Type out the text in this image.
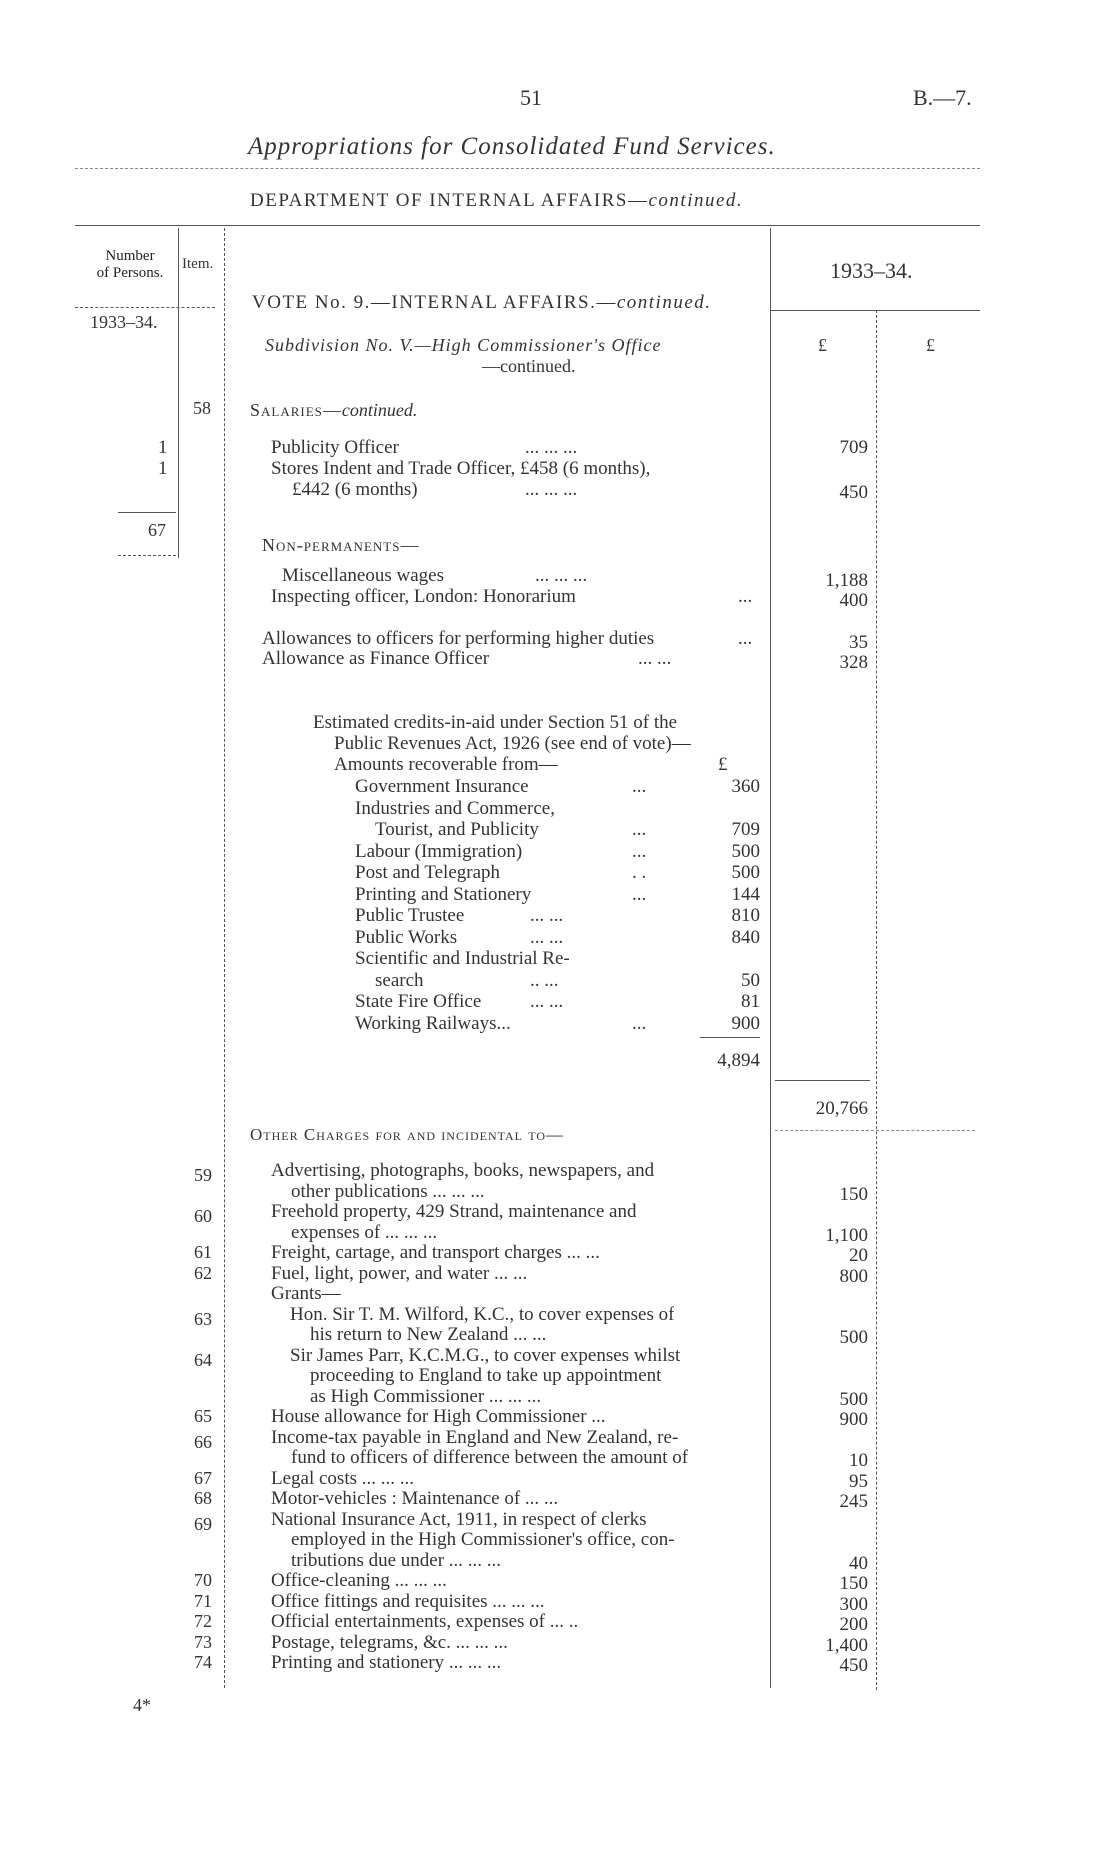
51	B.—7.
Appropriations for Consolidated Fund Services.
DEPARTMENT OF INTERNAL AFFAIRS—continued.
Number
of Persons.
Item.	1933–34.
1933–34.
£	£
VOTE No. 9.—INTERNAL AFFAIRS.—continued.
Subdivision No. V.—High Commissioner's Office
—continued.
58 Salaries—continued.
1	Publicity Officer	... ... ...	709
1	Stores Indent and Trade Officer, £458 (6 months),
£442 (6 months)	... ... ...	450
67
Non-permanents—
Miscellaneous wages	... ... ...	1,188
Inspecting officer, London: Honorarium	...	400
Allowances to officers for performing higher duties	...	35
Allowance as Finance Officer	... ...	328
Estimated credits-in-aid under Section 51 of the
Public Revenues Act, 1926 (see end of vote)—
Amounts recoverable from—	£
Government Insurance	...	360
Industries and Commerce,
Tourist, and Publicity	...	709
Labour (Immigration)	...	500
Post and Telegraph	. .	500
Printing and Stationery	...	144
Public Trustee	... ...	810
Public Works	... ...	840
Scientific and Industrial Re-
search	.. ...	50
State Fire Office	... ...	81
Working Railways...	...	900
4,894
20,766
Other Charges for and incidental to—
59	Advertising, photographs, books, newspapers, and
other publications ... ... ...	150
60	Freehold property, 429 Strand, maintenance and
expenses of ... ... ...	1,100
61	Freight, cartage, and transport charges ... ...	20
62	Fuel, light, power, and water ... ...	800
Grants—
63	Hon. Sir T. M. Wilford, K.C., to cover expenses of
his return to New Zealand ... ...	500
64	Sir James Parr, K.C.M.G., to cover expenses whilst
proceeding to England to take up appointment
as High Commissioner ... ... ...	500
65	House allowance for High Commissioner ...	900
66	Income-tax payable in England and New Zealand, re-
fund to officers of difference between the amount of	10
67	Legal costs ... ... ...	95
68	Motor-vehicles : Maintenance of ... ...	245
69	National Insurance Act, 1911, in respect of clerks
employed in the High Commissioner's office, con-
tributions due under ... ... ...	40
70	Office-cleaning ... ... ...	150
71	Office fittings and requisites ... ... ...	300
72	Official entertainments, expenses of ... ..	200
73	Postage, telegrams, &c. ... ... ...	1,400
74	Printing and stationery ... ... ...	450
4*
